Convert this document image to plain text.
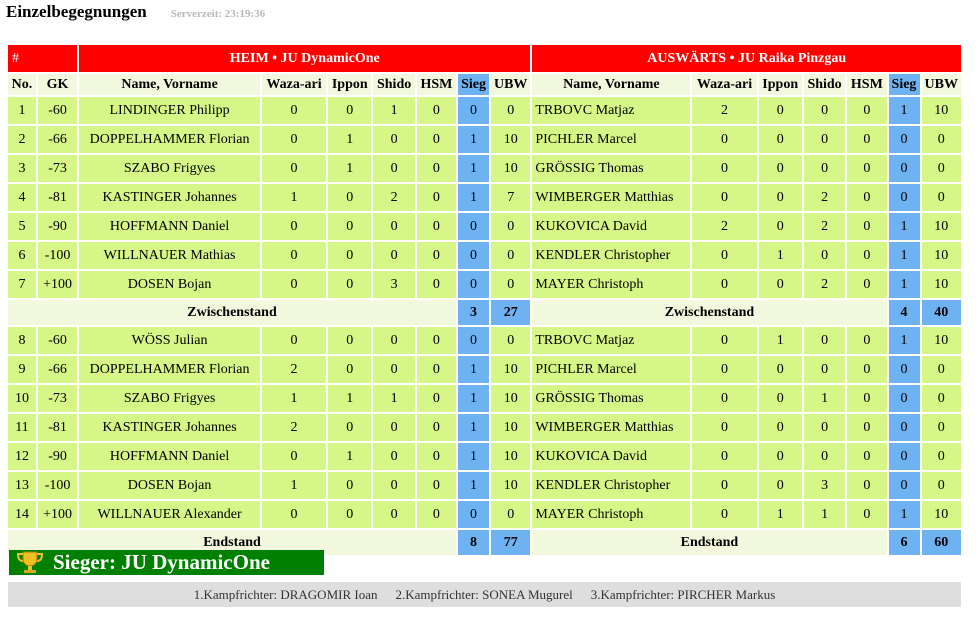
Einzelbegegnungen Serverzeit: 23:19:36
#		HEIM • JU DynamicOne							AUSWÄRTS • JU Raika Pinzgau						
No.	GK	Name, Vorname	Waza-ari	Ippon	Shido	HSM	Sieg	UBW	Name, Vorname	Waza-ari	Ippon	Shido	HSM	Sieg	UBW
1	-60	LINDINGER Philipp	0	0	1	0	0	0	TRBOVC Matjaz	2	0	0	0	1	10
2	-66	DOPPELHAMMER Florian	0	1	0	0	1	10	PICHLER Marcel	0	0	0	0	0	0
3	-73	SZABO Frigyes	0	1	0	0	1	10	GRÖSSIG Thomas	0	0	0	0	0	0
4	-81	KASTINGER Johannes	1	0	2	0	1	7	WIMBERGER Matthias	0	0	2	0	0	0
5	-90	HOFFMANN Daniel	0	0	0	0	0	0	KUKOVICA David	2	0	2	0	1	10
6	-100	WILLNAUER Mathias	0	0	0	0	0	0	KENDLER Christopher	0	1	0	0	1	10
7	+100	DOSEN Bojan	0	0	3	0	0	0	MAYER Christoph	0	0	2	0	1	10
Zwischenstand							3	27	Zwischenstand					4	40
8	-60	WÖSS Julian	0	0	0	0	0	0	TRBOVC Matjaz	0	1	0	0	1	10
9	-66	DOPPELHAMMER Florian	2	0	0	0	1	10	PICHLER Marcel	0	0	0	0	0	0
10	-73	SZABO Frigyes	1	1	1	0	1	10	GRÖSSIG Thomas	0	0	1	0	0	0
11	-81	KASTINGER Johannes	2	0	0	0	1	10	WIMBERGER Matthias	0	0	0	0	0	0
12	-90	HOFFMANN Daniel	0	1	0	0	1	10	KUKOVICA David	0	0	0	0	0	0
13	-100	DOSEN Bojan	1	0	0	0	1	10	KENDLER Christopher	0	0	3	0	0	0
14	+100	WILLNAUER Alexander	0	0	0	0	0	0	MAYER Christoph	0	1	1	0	1	10
Endstand							8	77	Endstand					6	60
Sieger: JU DynamicOne
1.Kampfrichter: DRAGOMIR Ioan 2.Kampfrichter: SONEA Mugurel 3.Kampfrichter: PIRCHER Markus
